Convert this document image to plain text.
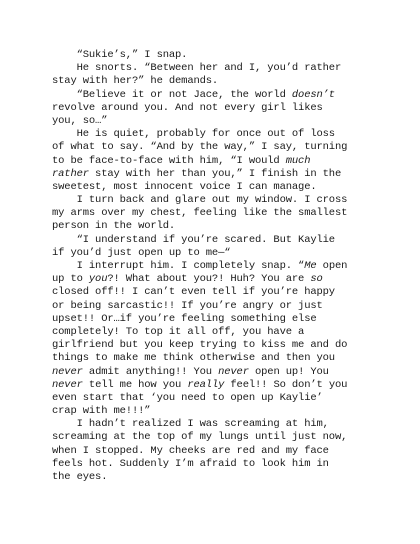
“Sukie’s,” I snap.
He snorts. “Between her and I, you’d rather
stay with her?” he demands.
“Believe it or not Jace, the world doesn’t
revolve around you. And not every girl likes
you, so…”
He is quiet, probably for once out of loss
of what to say. “And by the way,” I say, turning
to be face-to-face with him, “I would much
rather stay with her than you,” I finish in the
sweetest, most innocent voice I can manage.
I turn back and glare out my window. I cross
my arms over my chest, feeling like the smallest
person in the world.
“I understand if you’re scared. But Kaylie
if you’d just open up to me—“
I interrupt him. I completely snap. “Me open
up to you?! What about you?! Huh? You are so
closed off!! I can’t even tell if you’re happy
or being sarcastic!! If you’re angry or just
upset!! Or…if you’re feeling something else
completely! To top it all off, you have a
girlfriend but you keep trying to kiss me and do
things to make me think otherwise and then you
never admit anything!! You never open up! You
never tell me how you really feel!! So don’t you
even start that ‘you need to open up Kaylie’
crap with me!!!”
I hadn’t realized I was screaming at him,
screaming at the top of my lungs until just now,
when I stopped. My cheeks are red and my face
feels hot. Suddenly I’m afraid to look him in
the eyes.
